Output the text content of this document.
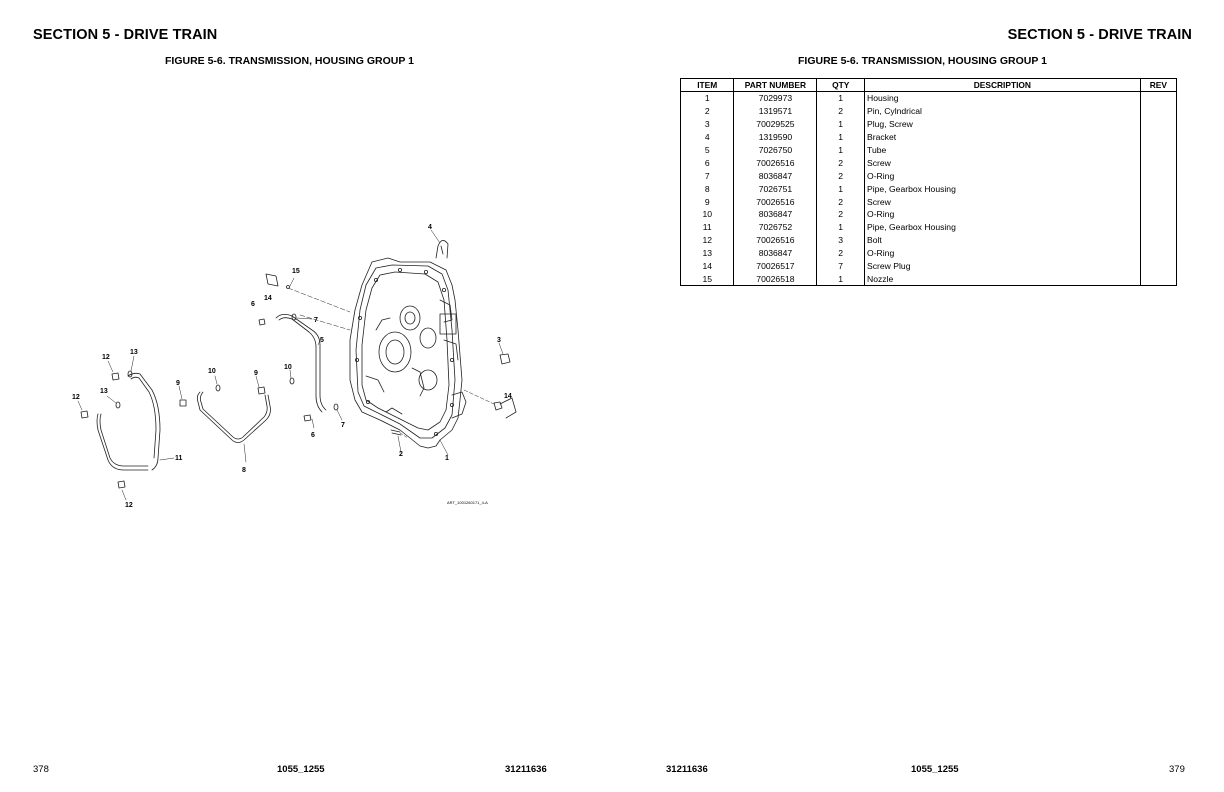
SECTION 5 - DRIVE TRAIN
FIGURE 5-6. TRANSMISSION, HOUSING GROUP 1
1
2
3
4
5
6
7
8
9
10
11
12
13
14
15
6
7
9
10
12
13
12
14
ART_1001260171_4-A
378	1055_1255	31211636
SECTION 5 - DRIVE TRAIN
FIGURE 5-6. TRANSMISSION, HOUSING GROUP 1
ITEM	PART NUMBER	QTY	DESCRIPTION	REV
1	7029973	1	Housing	
2	1319571	2	Pin, Cylndrical	
3	70029525	1	Plug, Screw	
4	1319590	1	Bracket	
5	7026750	1	Tube	
6	70026516	2	Screw	
7	8036847	2	O-Ring	
8	7026751	1	Pipe, Gearbox Housing	
9	70026516	2	Screw	
10	8036847	2	O-Ring	
11	7026752	1	Pipe, Gearbox Housing	
12	70026516	3	Bolt	
13	8036847	2	O-Ring	
14	70026517	7	Screw Plug	
15	70026518	1	Nozzle	
31211636	1055_1255	379
